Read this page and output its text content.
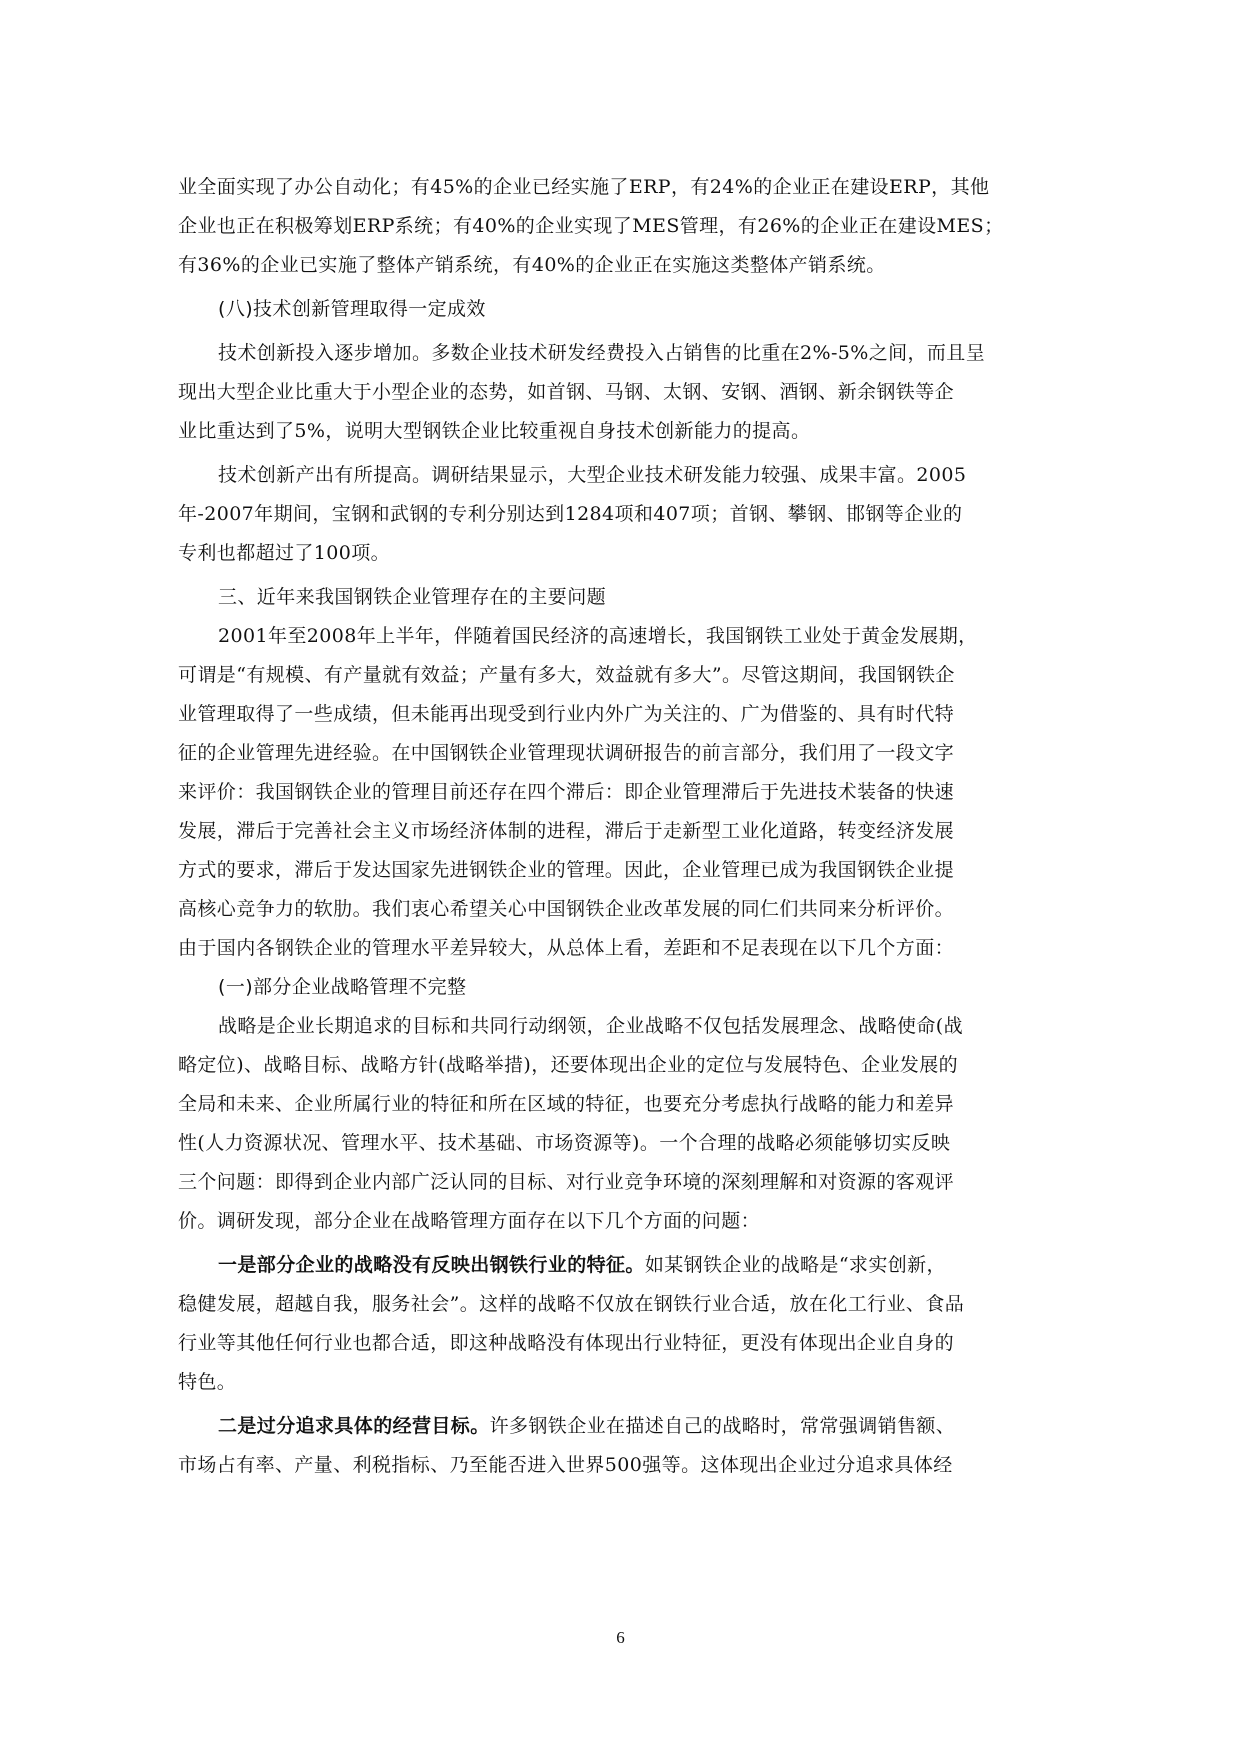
业全面实现了办公自动化；有45%的企业已经实施了ERP，有24%的企业正在建设ERP，其他
企业也正在积极筹划ERP系统；有40%的企业实现了MES管理，有26%的企业正在建设MES；
有36%的企业已实施了整体产销系统，有40%的企业正在实施这类整体产销系统。
(八)技术创新管理取得一定成效
技术创新投入逐步增加。多数企业技术研发经费投入占销售的比重在2%-5%之间，而且呈
现出大型企业比重大于小型企业的态势，如首钢、马钢、太钢、安钢、酒钢、新余钢铁等企
业比重达到了5%，说明大型钢铁企业比较重视自身技术创新能力的提高。
技术创新产出有所提高。调研结果显示，大型企业技术研发能力较强、成果丰富。2005
年-2007年期间，宝钢和武钢的专利分别达到1284项和407项；首钢、攀钢、邯钢等企业的
专利也都超过了100项。
三、近年来我国钢铁企业管理存在的主要问题
2001年至2008年上半年，伴随着国民经济的高速增长，我国钢铁工业处于黄金发展期，
可谓是“有规模、有产量就有效益；产量有多大，效益就有多大”。尽管这期间，我国钢铁企
业管理取得了一些成绩，但未能再出现受到行业内外广为关注的、广为借鉴的、具有时代特
征的企业管理先进经验。在中国钢铁企业管理现状调研报告的前言部分，我们用了一段文字
来评价：我国钢铁企业的管理目前还存在四个滞后：即企业管理滞后于先进技术装备的快速
发展，滞后于完善社会主义市场经济体制的进程，滞后于走新型工业化道路，转变经济发展
方式的要求，滞后于发达国家先进钢铁企业的管理。因此，企业管理已成为我国钢铁企业提
高核心竞争力的软肋。我们衷心希望关心中国钢铁企业改革发展的同仁们共同来分析评价。
由于国内各钢铁企业的管理水平差异较大，从总体上看，差距和不足表现在以下几个方面：
(一)部分企业战略管理不完整
战略是企业长期追求的目标和共同行动纲领，企业战略不仅包括发展理念、战略使命(战
略定位)、战略目标、战略方针(战略举措)，还要体现出企业的定位与发展特色、企业发展的
全局和未来、企业所属行业的特征和所在区域的特征，也要充分考虑执行战略的能力和差异
性(人力资源状况、管理水平、技术基础、市场资源等)。一个合理的战略必须能够切实反映
三个问题：即得到企业内部广泛认同的目标、对行业竞争环境的深刻理解和对资源的客观评
价。调研发现，部分企业在战略管理方面存在以下几个方面的问题：
一是部分企业的战略没有反映出钢铁行业的特征。如某钢铁企业的战略是“求实创新，
稳健发展，超越自我，服务社会”。这样的战略不仅放在钢铁行业合适，放在化工行业、食品
行业等其他任何行业也都合适，即这种战略没有体现出行业特征，更没有体现出企业自身的
特色。
二是过分追求具体的经营目标。许多钢铁企业在描述自己的战略时，常常强调销售额、
市场占有率、产量、利税指标、乃至能否进入世界500强等。这体现出企业过分追求具体经
6
